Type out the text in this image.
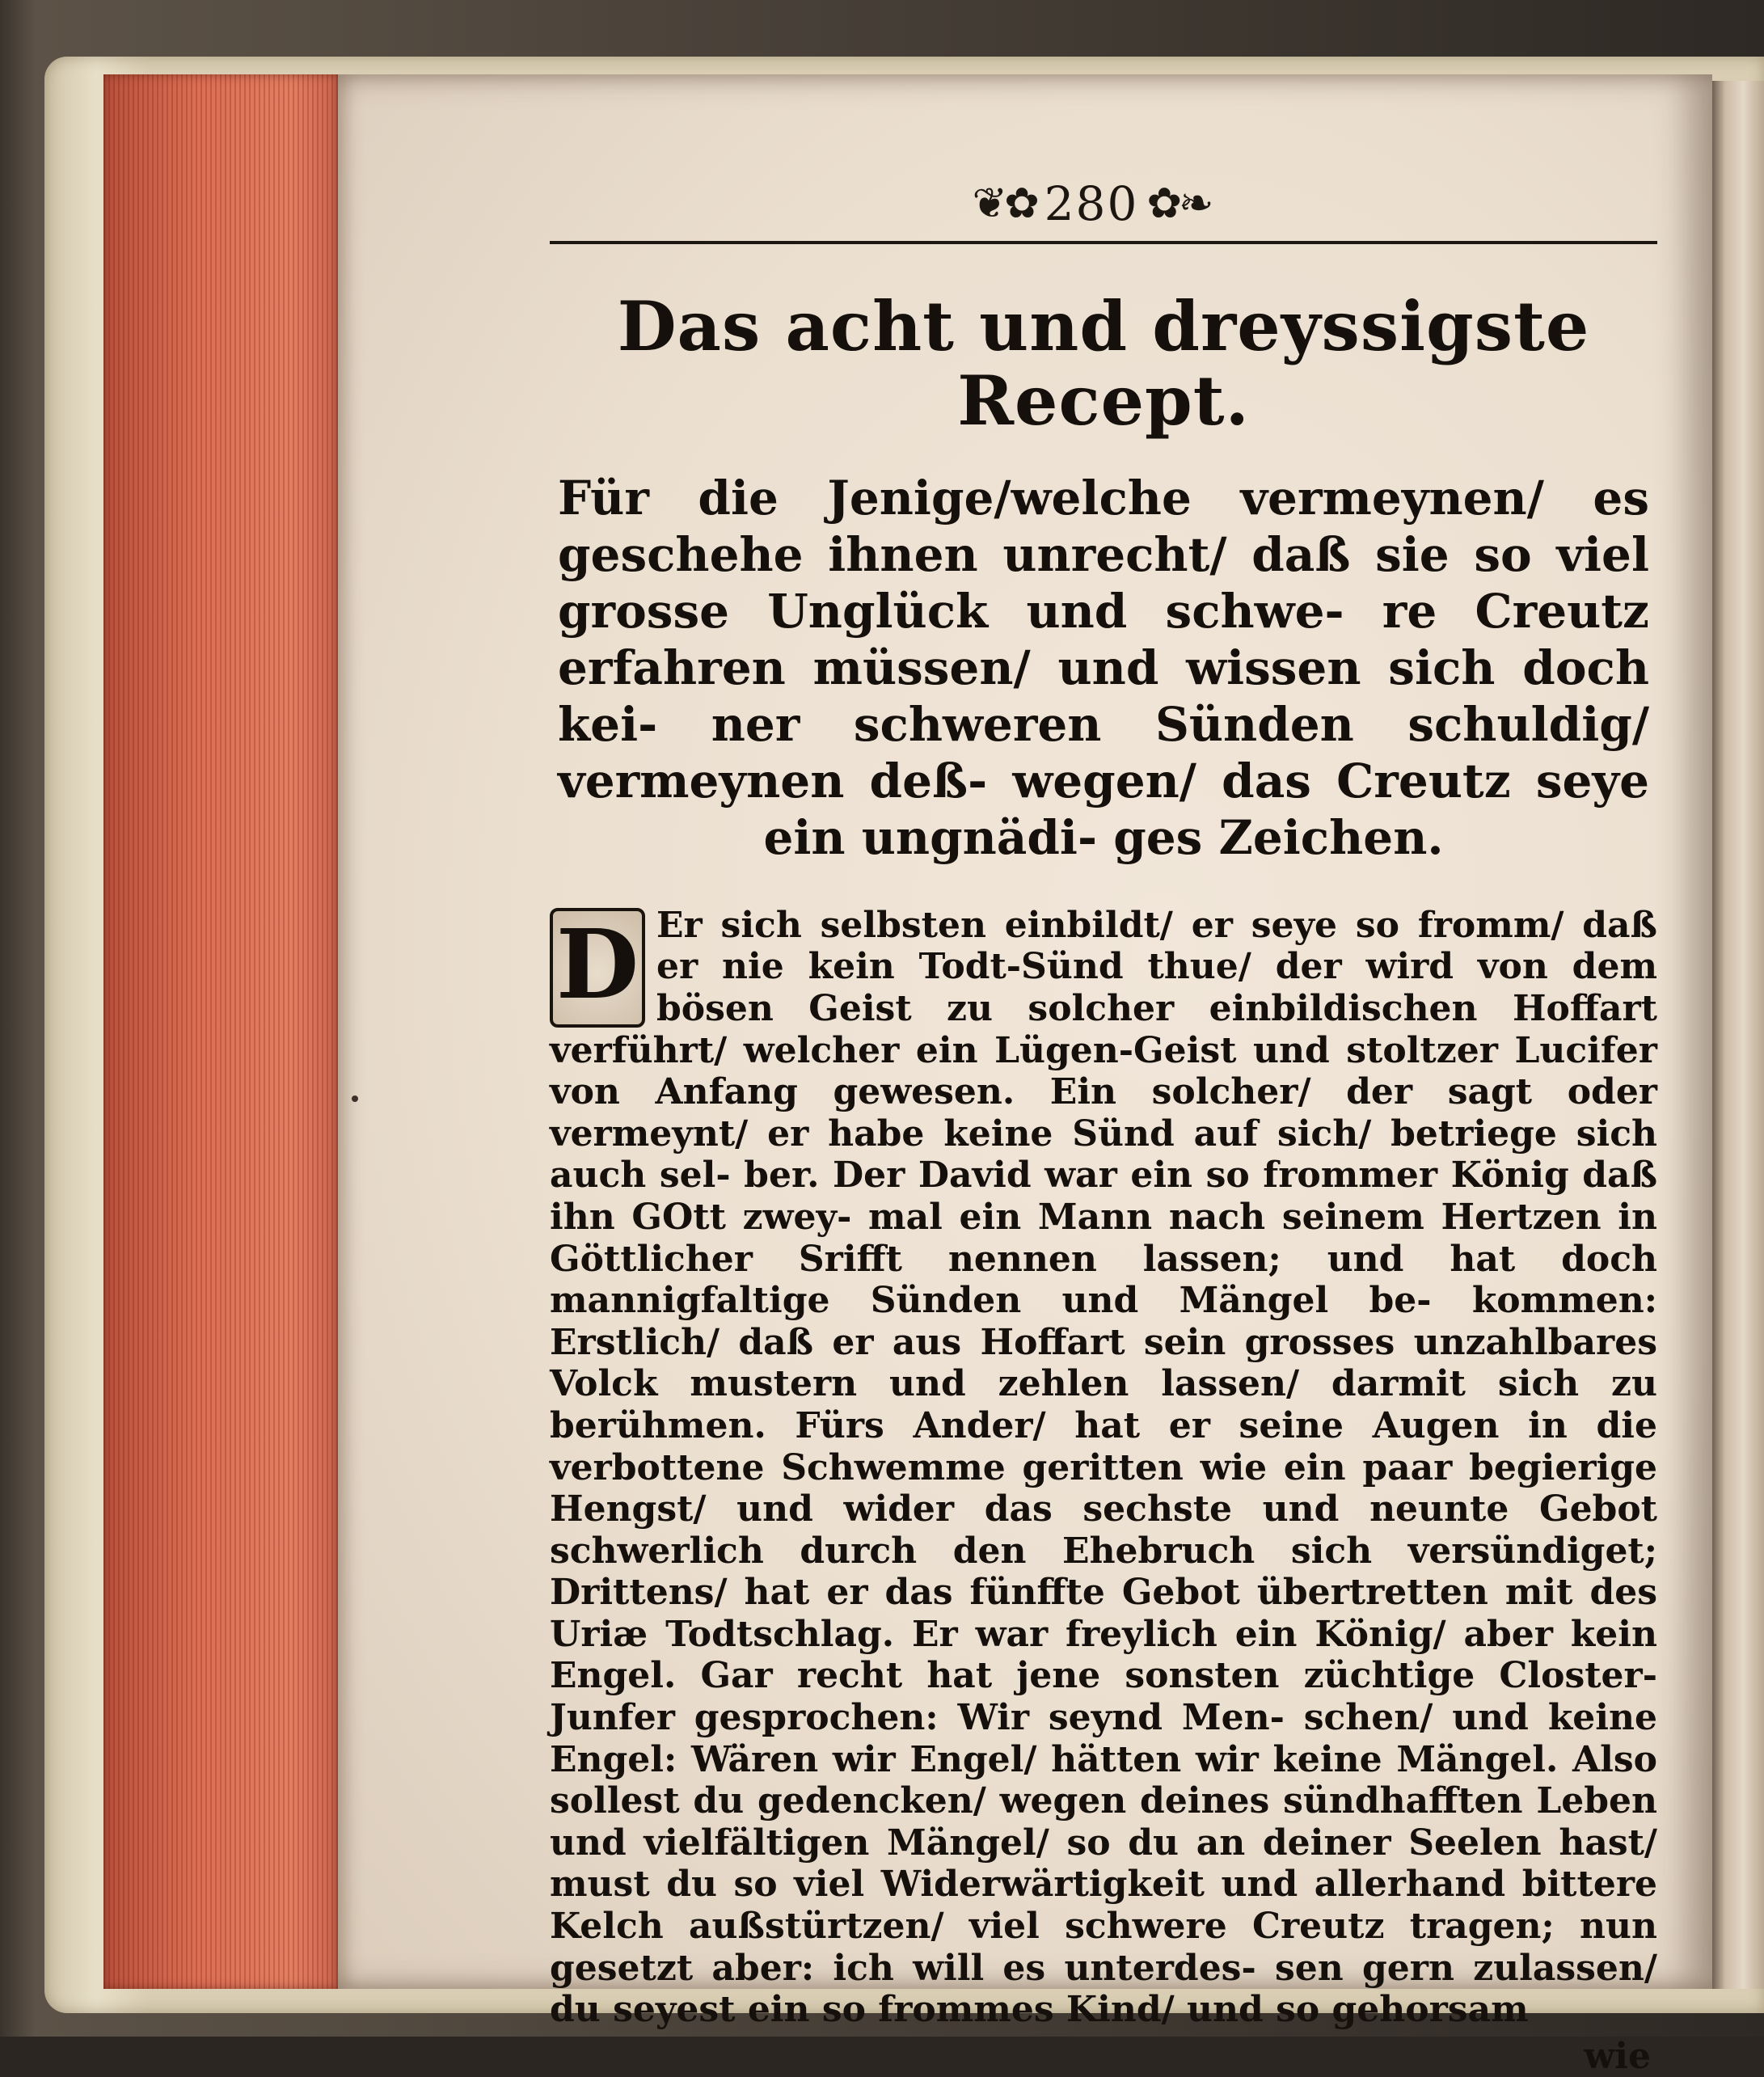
❦✿ 280 ✿❧
Das acht und dreyssigste Recept.
Für die Jenige/welche vermeynen/ es geschehe ihnen unrecht/ daß sie so viel grosse Unglück und schwe- re Creutz erfahren müssen/ und wissen sich doch kei- ner schweren Sünden schuldig/ vermeynen deß- wegen/ das Creutz seye ein ungnädi- ges Zeichen.
D Er sich selbsten einbildt/ er seye so fromm/ daß er nie kein Todt-Sünd thue/ der wird von dem bösen Geist zu solcher einbildischen Hoffart verführt/ welcher ein Lügen-Geist und stoltzer Lucifer von Anfang gewesen. Ein solcher/ der sagt oder vermeynt/ er habe keine Sünd auf sich/ betriege sich auch sel- ber. Der David war ein so frommer König daß ihn GOtt zwey- mal ein Mann nach seinem Hertzen in Göttlicher Srifft nennen lassen; und hat doch mannigfaltige Sünden und Mängel be- kommen: Erstlich/ daß er aus Hoffart sein grosses unzahlbares Volck mustern und zehlen lassen/ darmit sich zu berühmen. Fürs Ander/ hat er seine Augen in die verbottene Schwemme geritten wie ein paar begierige Hengst/ und wider das sechste und neunte Gebot schwerlich durch den Ehebruch sich versündiget; Drittens/ hat er das fünffte Gebot übertretten mit des Uriæ Todtschlag. Er war freylich ein König/ aber kein Engel. Gar recht hat jene sonsten züchtige Closter-Junfer gesprochen: Wir seynd Men- schen/ und keine Engel: Wären wir Engel/ hätten wir keine Mängel. Also sollest du gedencken/ wegen deines sündhafften Leben und vielfältigen Mängel/ so du an deiner Seelen hast/ must du so viel Widerwärtigkeit und allerhand bittere Kelch außstürtzen/ viel schwere Creutz tragen; nun gesetzt aber: ich will es unterdes- sen gern zulassen/ du seyest ein so frommes Kind/ und so gehorsam
wie
